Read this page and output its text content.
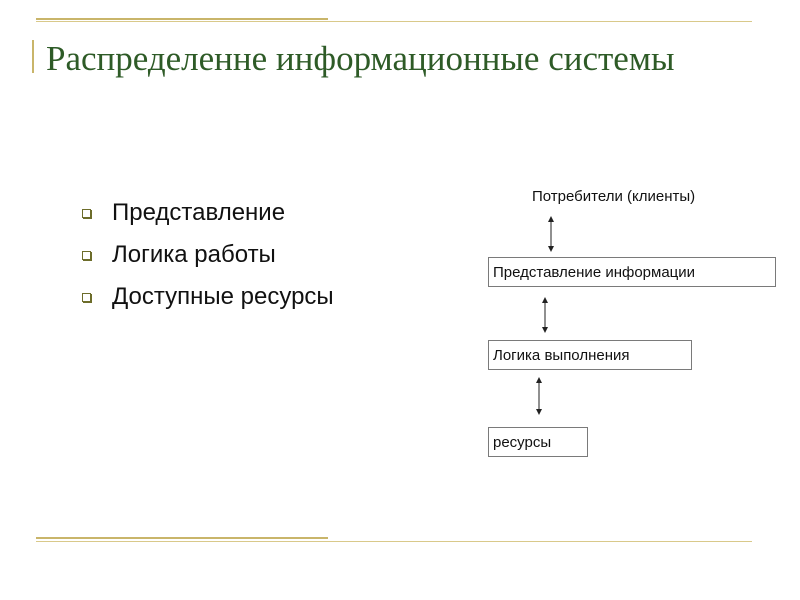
Распределенне информационные системы
Представление
Логика работы
Доступные ресурсы
Потребители (клиенты)
Представление информации
Логика выполнения
ресурсы
